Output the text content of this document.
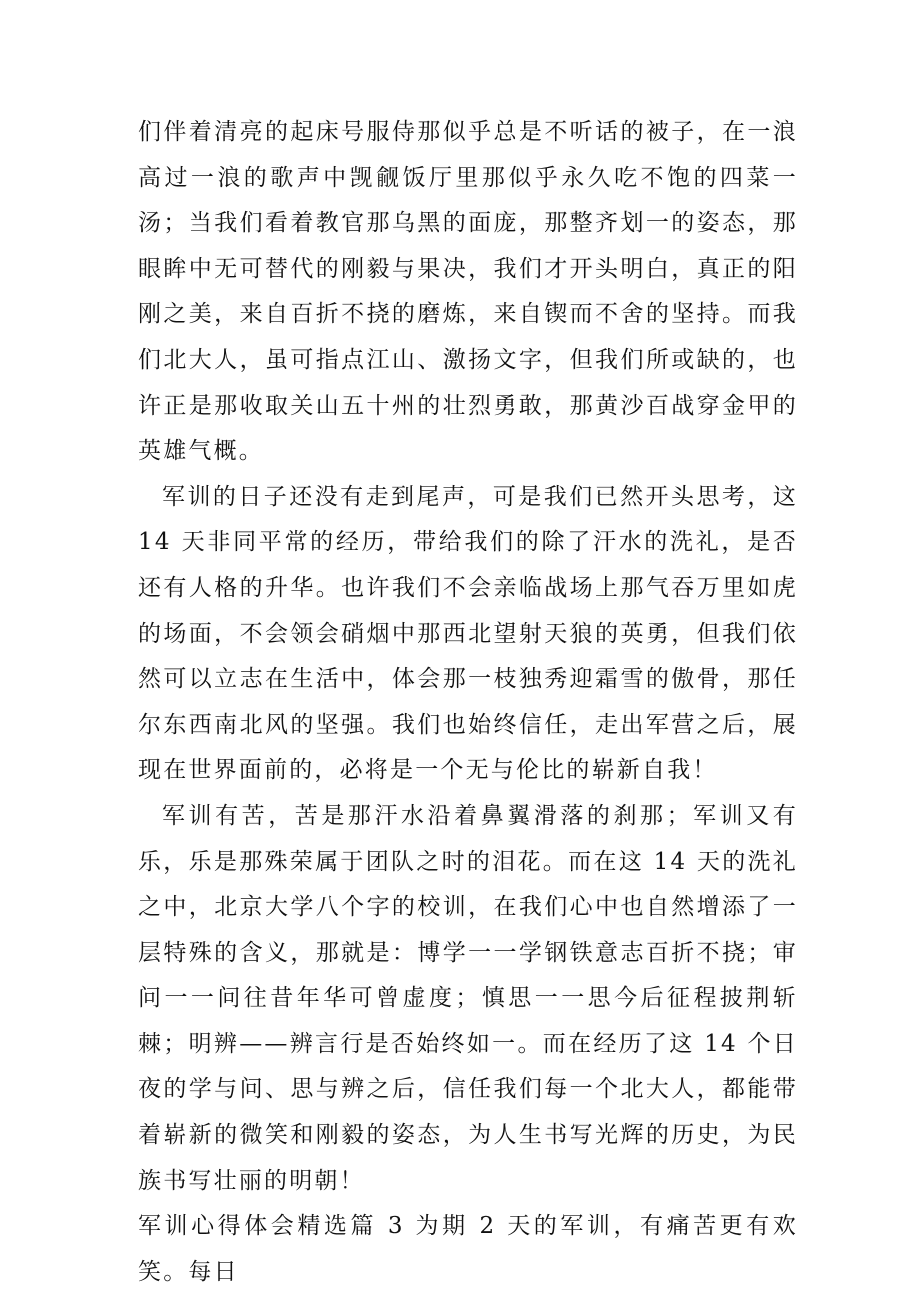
们伴着清亮的起床号服侍那似乎总是不听话的被子，在一浪高过一浪的歌声中觊觎饭厅里那似乎永久吃不饱的四菜一汤；当我们看着教官那乌黑的面庞，那整齐划一的姿态，那眼眸中无可替代的刚毅与果决，我们才开头明白，真正的阳刚之美，来自百折不挠的磨炼，来自锲而不舍的坚持。而我们北大人，虽可指点江山、激扬文字，但我们所或缺的，也许正是那收取关山五十州的壮烈勇敢，那黄沙百战穿金甲的英雄气概。

军训的日子还没有走到尾声，可是我们已然开头思考，这 14 天非同平常的经历，带给我们的除了汗水的洗礼，是否还有人格的升华。也许我们不会亲临战场上那气吞万里如虎的场面，不会领会硝烟中那西北望射天狼的英勇，但我们依然可以立志在生活中，体会那一枝独秀迎霜雪的傲骨，那任尔东西南北风的坚强。我们也始终信任，走出军营之后，展现在世界面前的，必将是一个无与伦比的崭新自我！

军训有苦，苦是那汗水沿着鼻翼滑落的刹那；军训又有乐，乐是那殊荣属于团队之时的泪花。而在这 14 天的洗礼之中，北京大学八个字的校训，在我们心中也自然增添了一层特殊的含义，那就是：博学一一学钢铁意志百折不挠；审问一一问往昔年华可曾虚度；慎思一一思今后征程披荆斩棘；明辨——辨言行是否始终如一。而在经历了这 14 个日夜的学与问、思与辨之后，信任我们每一个北大人，都能带着崭新的微笑和刚毅的姿态，为人生书写光辉的历史，为民族书写壮丽的明朝！

军训心得体会精选篇 3 为期 2 天的军训，有痛苦更有欢笑。每日
